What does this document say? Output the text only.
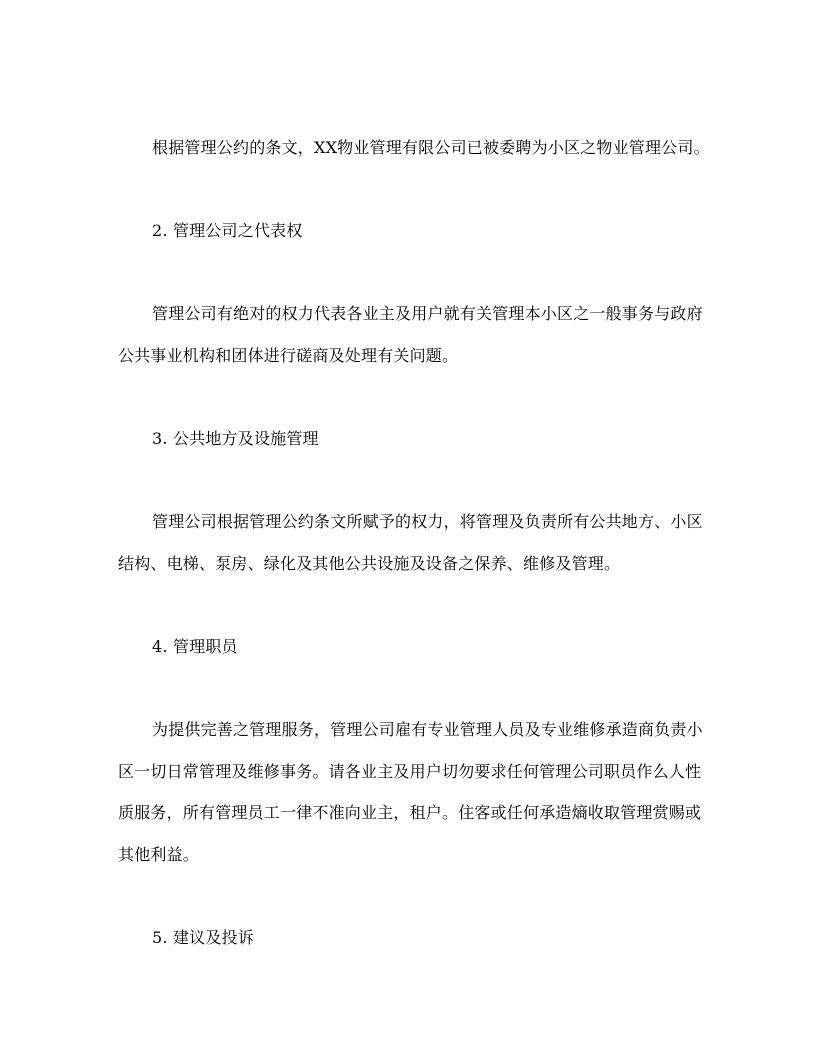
根据管理公约的条文，XX物业管理有限公司已被委聘为小区之物业管理公司。
2. 管理公司之代表权
管理公司有绝对的权力代表各业主及用户就有关管理本小区之一般事务与政府
公共事业机构和团体进行磋商及处理有关问题。
3. 公共地方及设施管理
管理公司根据管理公约条文所赋予的权力，将管理及负责所有公共地方、小区
结构、电梯、泵房、绿化及其他公共设施及设备之保养、维修及管理。
4. 管理职员
为提供完善之管理服务，管理公司雇有专业管理人员及专业维修承造商负责小
区一切日常管理及维修事务。请各业主及用户切勿要求任何管理公司职员作么人性
质服务，所有管理员工一律不准向业主，租户。住客或任何承造熵收取管理赏赐或
其他利益。
5. 建议及投诉
